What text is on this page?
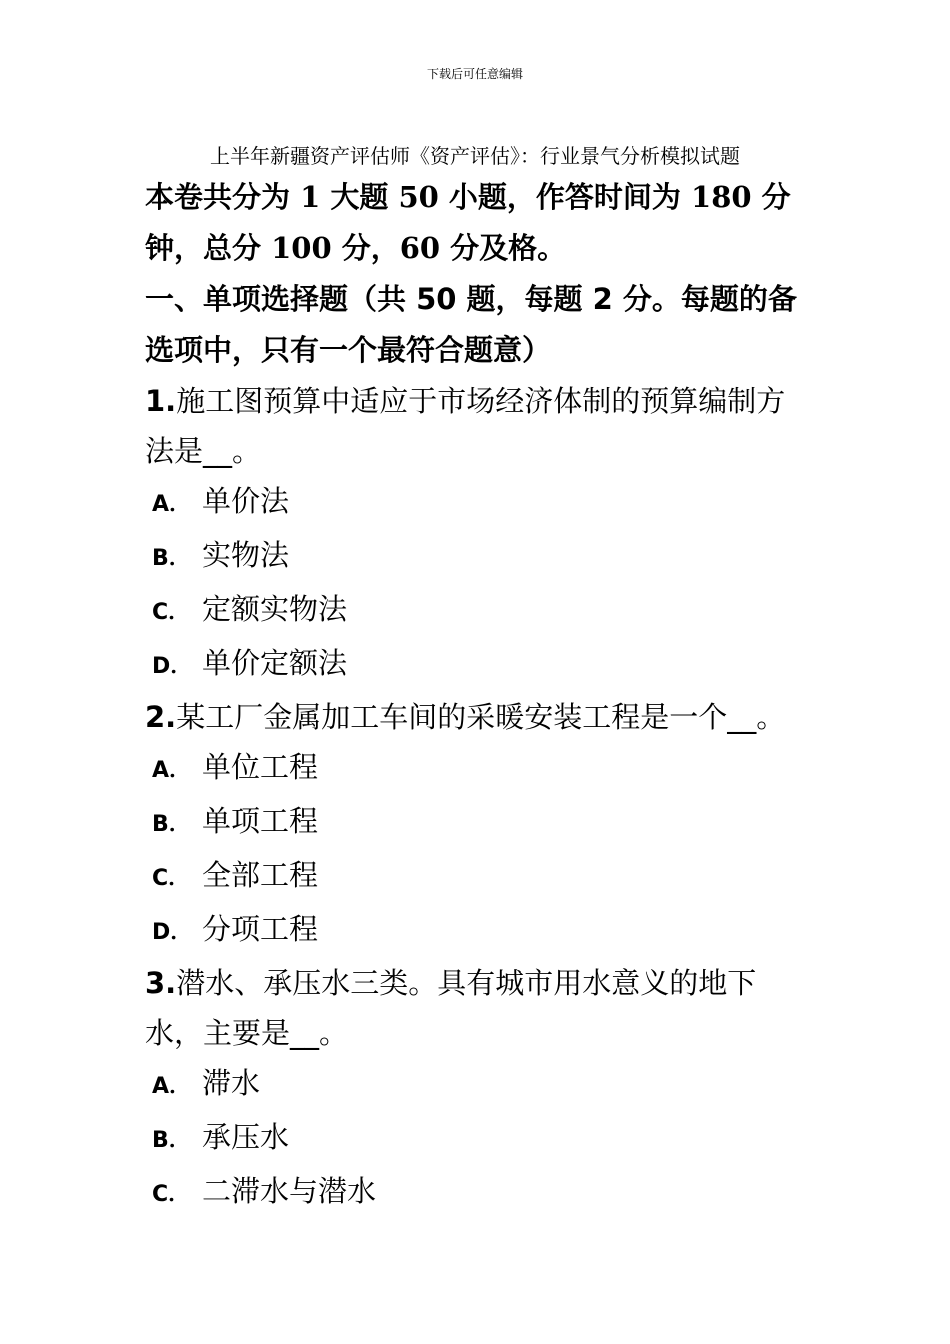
下载后可任意编辑
上半年新疆资产评估师《资产评估》：行业景气分析模拟试题

本卷共分为 1 大题 50 小题，作答时间为 180 分钟，总分 100 分，60 分及格。

一、单项选择题（共 50 题，每题 2 分。每题的备选项中，只有一个最符合题意）

1.施工图预算中适应于市场经济体制的预算编制方法是__。

A． 单价法

B． 实物法

C． 定额实物法

D． 单价定额法

2.某工厂金属加工车间的采暖安装工程是一个__。

A． 单位工程

B． 单项工程

C． 全部工程

D． 分项工程

3.潜水、承压水三类。具有城市用水意义的地下水，主要是__。

A． 滞水

B． 承压水

C． 二滞水与潜水
